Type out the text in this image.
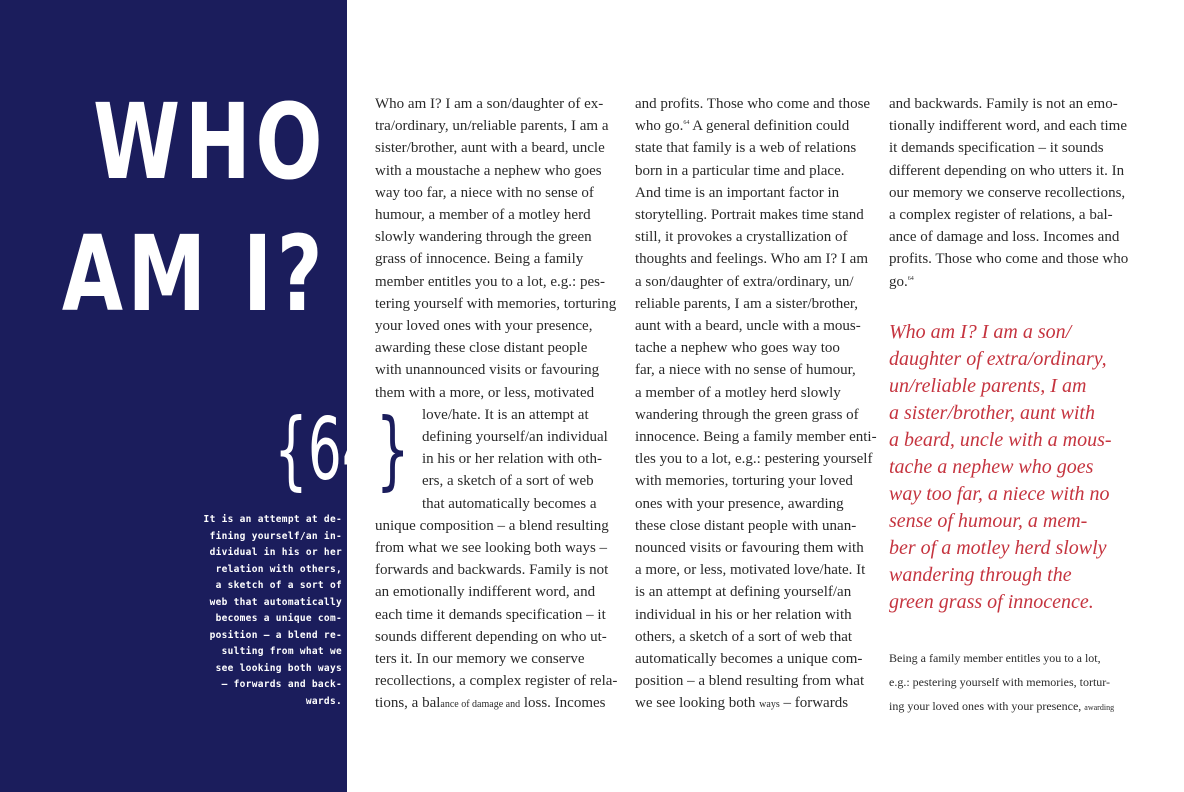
WHO
AM I?
It is an attempt at de-
fining yourself/an in-
dividual in his or her
relation with others,
a sketch of a sort of
web that automatically
becomes a unique com-
position – a blend re-
sulting from what we
see looking both ways
– forwards and back-
wards.
{64}
Who am I? I am a son/daughter of ex-
tra/ordinary, un/reliable parents, I am a
sister/brother, aunt with a beard, uncle
with a moustache a nephew who goes
way too far, a niece with no sense of
humour, a member of a motley herd
slowly wandering through the green
grass of innocence. Being a family
member entitles you to a lot, e.g.: pes-
tering yourself with memories, torturing
your loved ones with your presence,
awarding these close distant people
with unannounced visits or favouring
them with a more, or less, motivated
love/hate. It is an attempt at
defining yourself/an individual
in his or her relation with oth-
ers, a sketch of a sort of web
that automatically becomes a
unique composition – a blend resulting
from what we see looking both ways –
forwards and backwards. Family is not
an emotionally indifferent word, and
each time it demands specification – it
sounds different depending on who ut-
ters it. In our memory we conserve
recollections, a complex register of rela-
tions, a balance of damage and loss. Incomes
and profits. Those who come and those
who go.$^{64}$ A general definition could
state that family is a web of relations
born in a particular time and place.
And time is an important factor in
storytelling. Portrait makes time stand
still, it provokes a crystallization of
thoughts and feelings. Who am I? I am
a son/daughter of extra/ordinary, un/
reliable parents, I am a sister/brother,
aunt with a beard, uncle with a mous-
tache a nephew who goes way too
far, a niece with no sense of humour,
a member of a motley herd slowly
wandering through the green grass of
innocence. Being a family member enti-
tles you to a lot, e.g.: pestering yourself
with memories, torturing your loved
ones with your presence, awarding
these close distant people with unan-
nounced visits or favouring them with
a more, or less, motivated love/hate. It
is an attempt at defining yourself/an
individual in his or her relation with
others, a sketch of a sort of web that
automatically becomes a unique com-
position – a blend resulting from what
we see looking both ways – forwards
and backwards. Family is not an emo-
tionally indifferent word, and each time
it demands specification – it sounds
different depending on who utters it. In
our memory we conserve recollections,
a complex register of relations, a bal-
ance of damage and loss. Incomes and
profits. Those who come and those who
go.$^{64}$
Who am I? I am a son/
daughter of extra/ordinary,
un/reliable parents, I am
a sister/brother, aunt with
a beard, uncle with a mous-
tache a nephew who goes
way too far, a niece with no
sense of humour, a mem-
ber of a motley herd slowly
wandering through the
green grass of innocence.
Being a family member entitles you to a lot,
e.g.: pestering yourself with memories, tortur-
ing your loved ones with your presence, awarding
